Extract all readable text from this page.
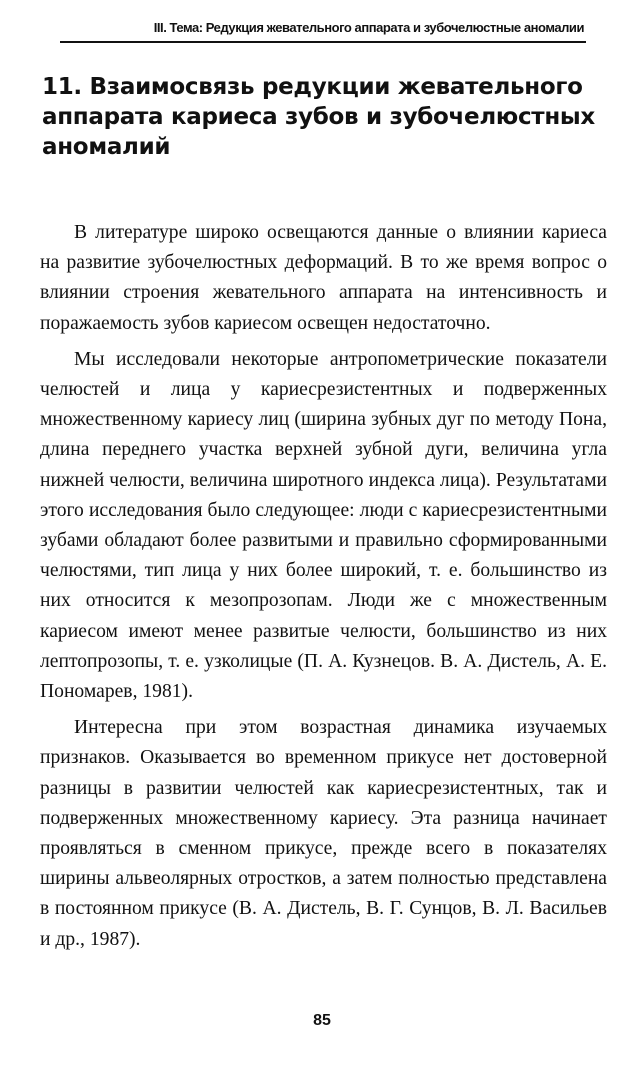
III. Тема: Редукция жевательного аппарата и зубочелюстные аномалии
11. Взаимосвязь редукции жевательного аппарата кариеса зубов и зубочелюстных аномалий

В литературе широко освещаются данные о влиянии кариеса на развитие зубочелюстных деформаций. В то же время вопрос о влиянии строения жевательного аппарата на интенсивность и поражаемость зубов кариесом освещен недостаточно.

Мы исследовали некоторые антропометрические показатели челюстей и лица у кариесрезистентных и подверженных множественному кариесу лиц (ширина зубных дуг по методу Пона, длина переднего участка верхней зубной дуги, величина угла нижней челюсти, величина широтного индекса лица). Результатами этого исследования было следующее: люди с кариесрезистентными зубами обладают более развитыми и правильно сформированными челюстями, тип лица у них более широкий, т. е. большинство из них относится к мезопрозопам. Люди же с множественным кариесом имеют менее развитые челюсти, большинство из них лептопрозопы, т. е. узколицые (П. А. Кузнецов. В. А. Дистель, А. Е. Пономарев, 1981).

Интересна при этом возрастная динамика изучаемых признаков. Оказывается во временном прикусе нет достоверной разницы в развитии челюстей как кариесрезистентных, так и подверженных множественному кариесу. Эта разница начинает проявляться в сменном прикусе, прежде всего в показателях ширины альвеолярных отростков, а затем полностью представлена в постоянном прикусе (В. А. Дистель, В. Г. Сунцов, В. Л. Васильев и др., 1987).

85
